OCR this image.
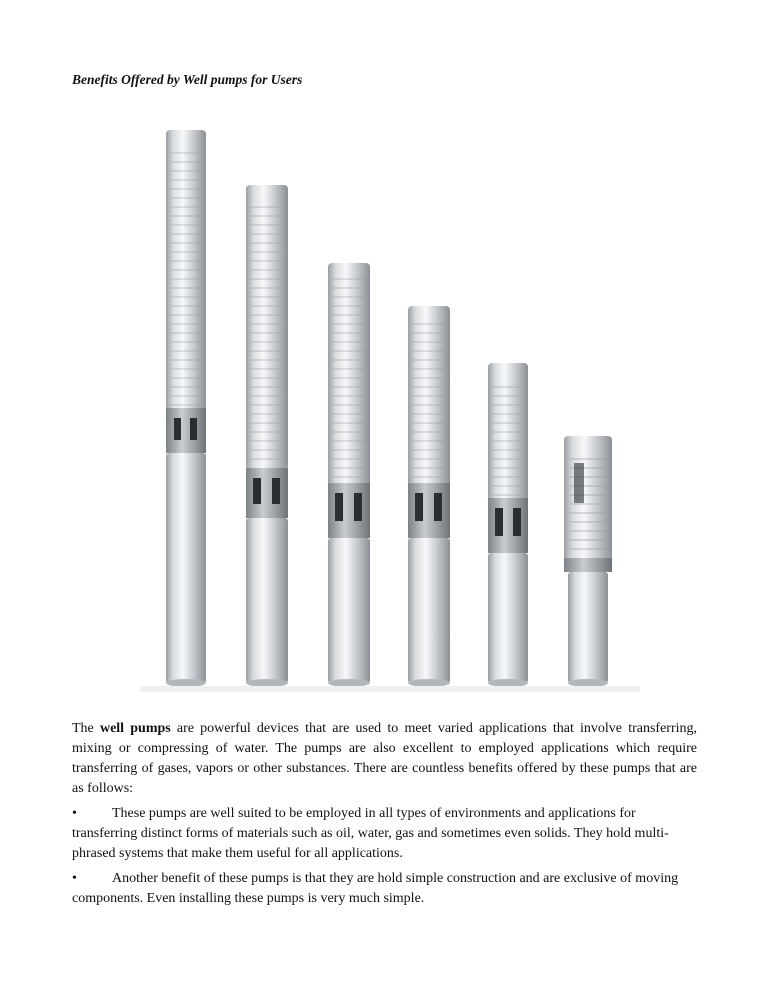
Benefits Offered by Well pumps for Users

The well pumps are powerful devices that are used to meet varied applications that involve transferring, mixing or compressing of water. The pumps are also excellent to employed applications which require transferring of gases, vapors or other substances. There are countless benefits offered by these pumps that are as follows:

•	These pumps are well suited to be employed in all types of environments and applications for transferring distinct forms of materials such as oil, water, gas and sometimes even solids. They hold multi-phrased systems that make them useful for all applications.

•	Another benefit of these pumps is that they are hold simple construction and are exclusive of moving components. Even installing these pumps is very much simple.
